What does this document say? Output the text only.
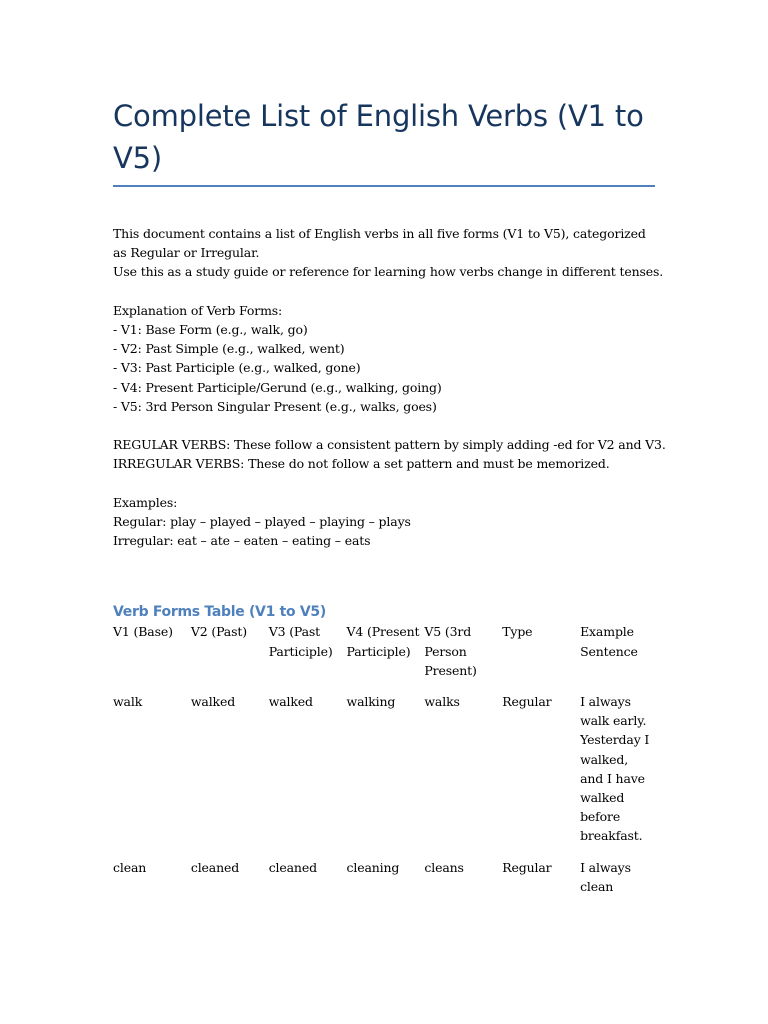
Complete List of English Verbs (V1 to V5)
This document contains a list of English verbs in all five forms (V1 to V5), categorized as Regular or Irregular.
Use this as a study guide or reference for learning how verbs change in different tenses.
Explanation of Verb Forms:
- V1: Base Form (e.g., walk, go)
- V2: Past Simple (e.g., walked, went)
- V3: Past Participle (e.g., walked, gone)
- V4: Present Participle/Gerund (e.g., walking, going)
- V5: 3rd Person Singular Present (e.g., walks, goes)
REGULAR VERBS: These follow a consistent pattern by simply adding -ed for V2 and V3.
IRREGULAR VERBS: These do not follow a set pattern and must be memorized.
Examples:
Regular: play – played – played – playing – plays
Irregular: eat – ate – eaten – eating – eats
Verb Forms Table (V1 to V5)
V1 (Base)	V2 (Past)	V3 (Past Participle)	V4 (Present Participle)	V5 (3rd Person Present)	Type	Example Sentence
walk	walked	walked	walking	walks	Regular	I always walk early. Yesterday I walked, and I have walked before breakfast.
clean	cleaned	cleaned	cleaning	cleans	Regular	I always clean
